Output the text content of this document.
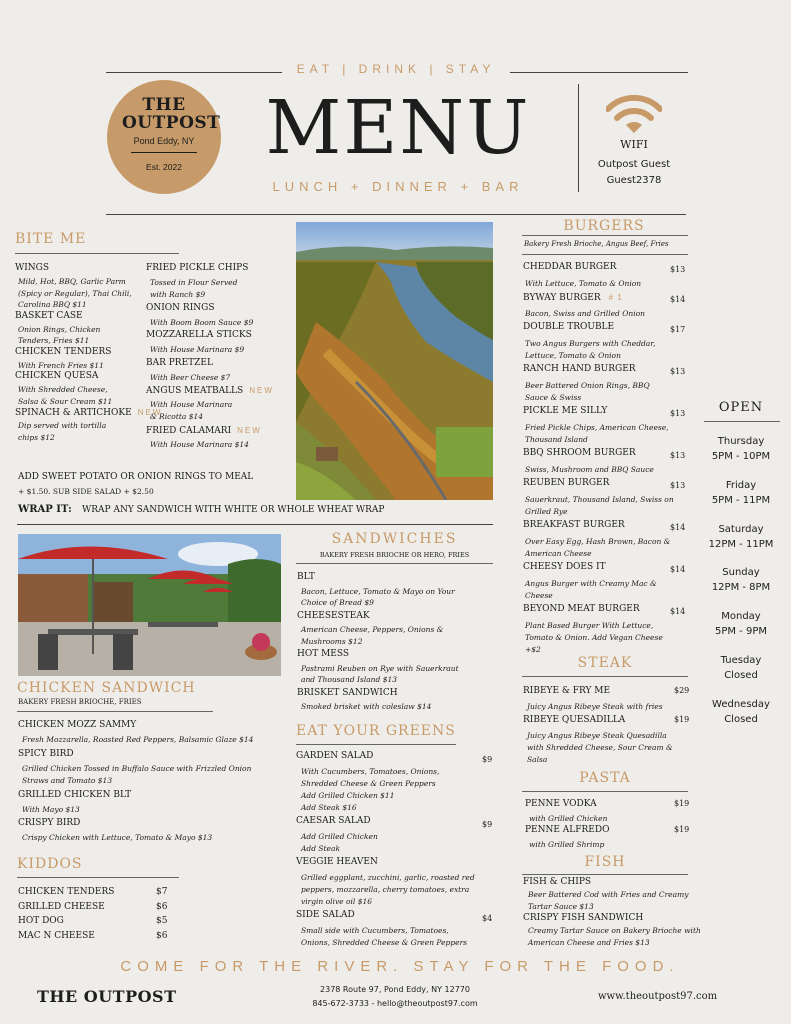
EAT | DRINK | STAY
THE OUTPOST
Pond Eddy, NY
Est. 2022	MENU
LUNCH + DINNER + BAR
WIFI
Outpost Guest
Guest2378
BITE ME
WINGS
Mild, Hot, BBQ, Garlic Parm
(Spicy or Regular), Thai Chili,
Carolina BBQ $11
BASKET CASE
Onion Rings, Chicken
Tenders, Fries $11
CHICKEN TENDERS
With French Fries $11
CHICKEN QUESA
With Shredded Cheese,
Salsa & Sour Cream $11
SPINACH & ARTICHOKE NEW
Dip served with tortilla
chips $12
FRIED PICKLE CHIPS
Tossed in Flour Served
with Ranch $9
ONION RINGS
With Boom Boom Sauce $9
MOZZARELLA STICKS
With House Marinara $9
BAR PRETZEL
With Beer Cheese $7
ANGUS MEATBALLS NEW
With House Marinara
& Ricotta $14
FRIED CALAMARI NEW
With House Marinara $14
ADD SWEET POTATO OR ONION RINGS TO MEAL
+ $1.50. SUB SIDE SALAD + $2.50
WRAP IT: WRAP ANY SANDWICH WITH WHITE OR WHOLE WHEAT WRAP
CHICKEN SANDWICH
BAKERY FRESH BRIOCHE, FRIES
CHICKEN MOZZ SAMMY
Fresh Mozzarella, Roasted Red Peppers, Balsamic Glaze $14
SPICY BIRD
Grilled Chicken Tossed in Buffalo Sauce with Frizzled Onion
Straws and Tomato $13
GRILLED CHICKEN BLT
With Mayo $13
CRISPY BIRD
Crispy Chicken with Lettuce, Tomato & Mayo $13
KIDDOS
CHICKEN TENDERS	$7
GRILLED CHEESE	$6
HOT DOG	$5
MAC N CHEESE	$6
SANDWICHES
BAKERY FRESH BRIOCHE OR HERO, FRIES
BLT
Bacon, Lettuce, Tomato & Mayo on Your
Choice of Bread $9
CHEESESTEAK
American Cheese, Peppers, Onions &
Mushrooms $12
HOT MESS
Pastrami Reuben on Rye with Sauerkraut
and Thousand Island $13
BRISKET SANDWICH
Smoked brisket with coleslaw $14
EAT YOUR GREENS
GARDEN SALAD	$9
With Cucumbers, Tomatoes, Onions,
Shredded Cheese & Green Peppers
Add Grilled Chicken $11
Add Steak $16
CAESAR SALAD	$9
Add Grilled Chicken
Add Steak
VEGGIE HEAVEN
Grilled eggplant, zucchini, garlic, roasted red
peppers, mozzarella, cherry tomatoes, extra
virgin olive oil $16
SIDE SALAD	$4
Small side with Cucumbers, Tomatoes,
Onions, Shredded Cheese & Green Peppers
BURGERS
Bakery Fresh Brioche, Angus Beef, Fries
CHEDDAR BURGER	$13
With Lettuce, Tomato & Onion
BYWAY BURGER # 1	$14
Bacon, Swiss and Grilled Onion
DOUBLE TROUBLE	$17
Two Angus Burgers with Cheddar,
Lettuce, Tomato & Onion
RANCH HAND BURGER	$13
Beer Battered Onion Rings, BBQ
Sauce & Swiss
PICKLE ME SILLY	$13
Fried Pickle Chips, American Cheese,
Thousand Island
BBQ SHROOM BURGER	$13
Swiss, Mushroom and BBQ Sauce
REUBEN BURGER	$13
Sauerkraut, Thousand Island, Swiss on
Grilled Rye
BREAKFAST BURGER	$14
Over Easy Egg, Hash Brown, Bacon &
American Cheese
CHEESY DOES IT	$14
Angus Burger with Creamy Mac &
Cheese
BEYOND MEAT BURGER	$14
Plant Based Burger With Lettuce,
Tomato & Onion. Add Vegan Cheese
+$2
STEAK
RIBEYE & FRY ME	$29
Juicy Angus Ribeye Steak with fries
RIBEYE QUESADILLA	$19
Juicy Angus Ribeye Steak Quesadilla
with Shredded Cheese, Sour Cream &
Salsa
PASTA
PENNE VODKA	$19
with Grilled Chicken
PENNE ALFREDO	$19
with Grilled Shrimp
FISH
FISH & CHIPS
Beer Battered Cod with Fries and Creamy
Tartar Sauce $13
CRISPY FISH SANDWICH
Creamy Tartar Sauce on Bakery Brioche with
American Cheese and Fries $13
OPEN
Thursday
5PM - 10PM
Friday
5PM - 11PM
Saturday
12PM - 11PM
Sunday
12PM - 8PM
Monday
5PM - 9PM
Tuesday
Closed
Wednesday
Closed
COME FOR THE RIVER. STAY FOR THE FOOD.
THE OUTPOST	2378 Route 97, Pond Eddy, NY 12770
845-672-3733 - hello@theoutpost97.com
www.theoutpost97.com
